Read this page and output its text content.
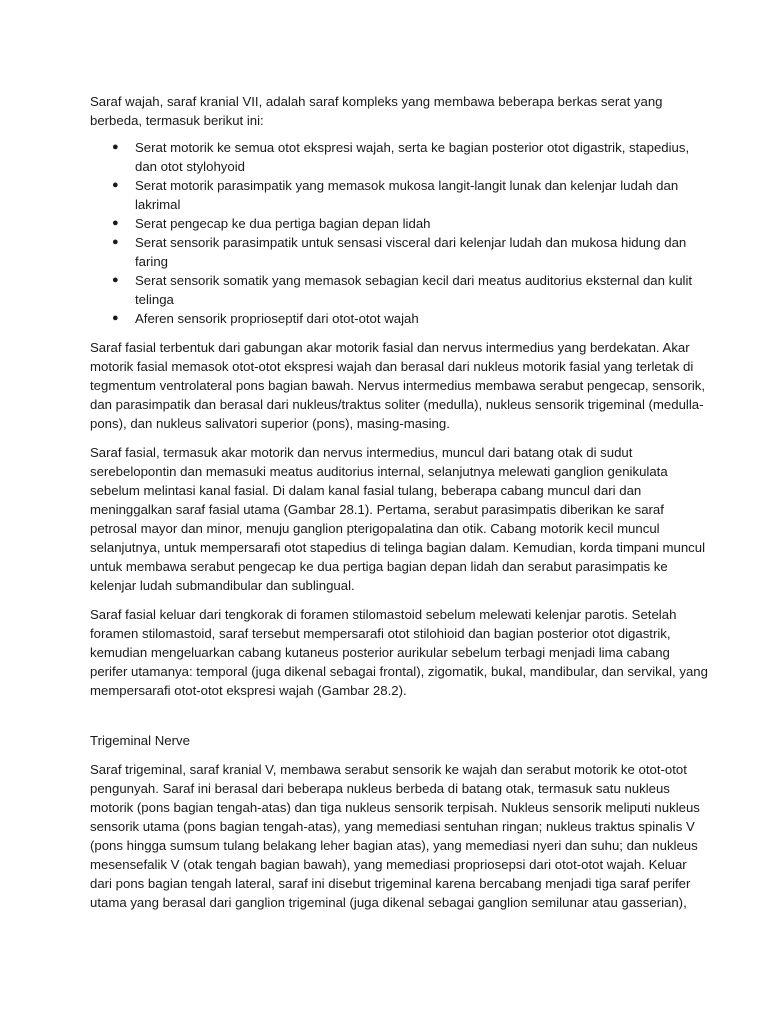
Saraf wajah, saraf kranial VII, adalah saraf kompleks yang membawa beberapa berkas serat yang berbeda, termasuk berikut ini:

● Serat motorik ke semua otot ekspresi wajah, serta ke bagian posterior otot digastrik, stapedius, dan otot stylohyoid
● Serat motorik parasimpatik yang memasok mukosa langit-langit lunak dan kelenjar ludah dan lakrimal
● Serat pengecap ke dua pertiga bagian depan lidah
● Serat sensorik parasimpatik untuk sensasi visceral dari kelenjar ludah dan mukosa hidung dan faring
● Serat sensorik somatik yang memasok sebagian kecil dari meatus auditorius eksternal dan kulit telinga
● Aferen sensorik proprioseptif dari otot-otot wajah

Saraf fasial terbentuk dari gabungan akar motorik fasial dan nervus intermedius yang berdekatan. Akar motorik fasial memasok otot-otot ekspresi wajah dan berasal dari nukleus motorik fasial yang terletak di tegmentum ventrolateral pons bagian bawah. Nervus intermedius membawa serabut pengecap, sensorik, dan parasimpatik dan berasal dari nukleus/traktus soliter (medulla), nukleus sensorik trigeminal (medulla-pons), dan nukleus salivatori superior (pons), masing-masing.

Saraf fasial, termasuk akar motorik dan nervus intermedius, muncul dari batang otak di sudut serebelopontin dan memasuki meatus auditorius internal, selanjutnya melewati ganglion genikulata sebelum melintasi kanal fasial. Di dalam kanal fasial tulang, beberapa cabang muncul dari dan meninggalkan saraf fasial utama (Gambar 28.1). Pertama, serabut parasimpatis diberikan ke saraf petrosal mayor dan minor, menuju ganglion pterigopalatina dan otik. Cabang motorik kecil muncul selanjutnya, untuk mempersarafi otot stapedius di telinga bagian dalam. Kemudian, korda timpani muncul untuk membawa serabut pengecap ke dua pertiga bagian depan lidah dan serabut parasimpatis ke kelenjar ludah submandibular dan sublingual.

Saraf fasial keluar dari tengkorak di foramen stilomastoid sebelum melewati kelenjar parotis. Setelah foramen stilomastoid, saraf tersebut mempersarafi otot stilohioid dan bagian posterior otot digastrik, kemudian mengeluarkan cabang kutaneus posterior aurikular sebelum terbagi menjadi lima cabang perifer utamanya: temporal (juga dikenal sebagai frontal), zigomatik, bukal, mandibular, dan servikal, yang mempersarafi otot-otot ekspresi wajah (Gambar 28.2).

Trigeminal Nerve

Saraf trigeminal, saraf kranial V, membawa serabut sensorik ke wajah dan serabut motorik ke otot-otot pengunyah. Saraf ini berasal dari beberapa nukleus berbeda di batang otak, termasuk satu nukleus motorik (pons bagian tengah-atas) dan tiga nukleus sensorik terpisah. Nukleus sensorik meliputi nukleus sensorik utama (pons bagian tengah-atas), yang memediasi sentuhan ringan; nukleus traktus spinalis V (pons hingga sumsum tulang belakang leher bagian atas), yang memediasi nyeri dan suhu; dan nukleus mesensefalik V (otak tengah bagian bawah), yang memediasi propriosepsi dari otot-otot wajah. Keluar dari pons bagian tengah lateral, saraf ini disebut trigeminal karena bercabang menjadi tiga saraf perifer utama yang berasal dari ganglion trigeminal (juga dikenal sebagai ganglion semilunar atau gasserian),
